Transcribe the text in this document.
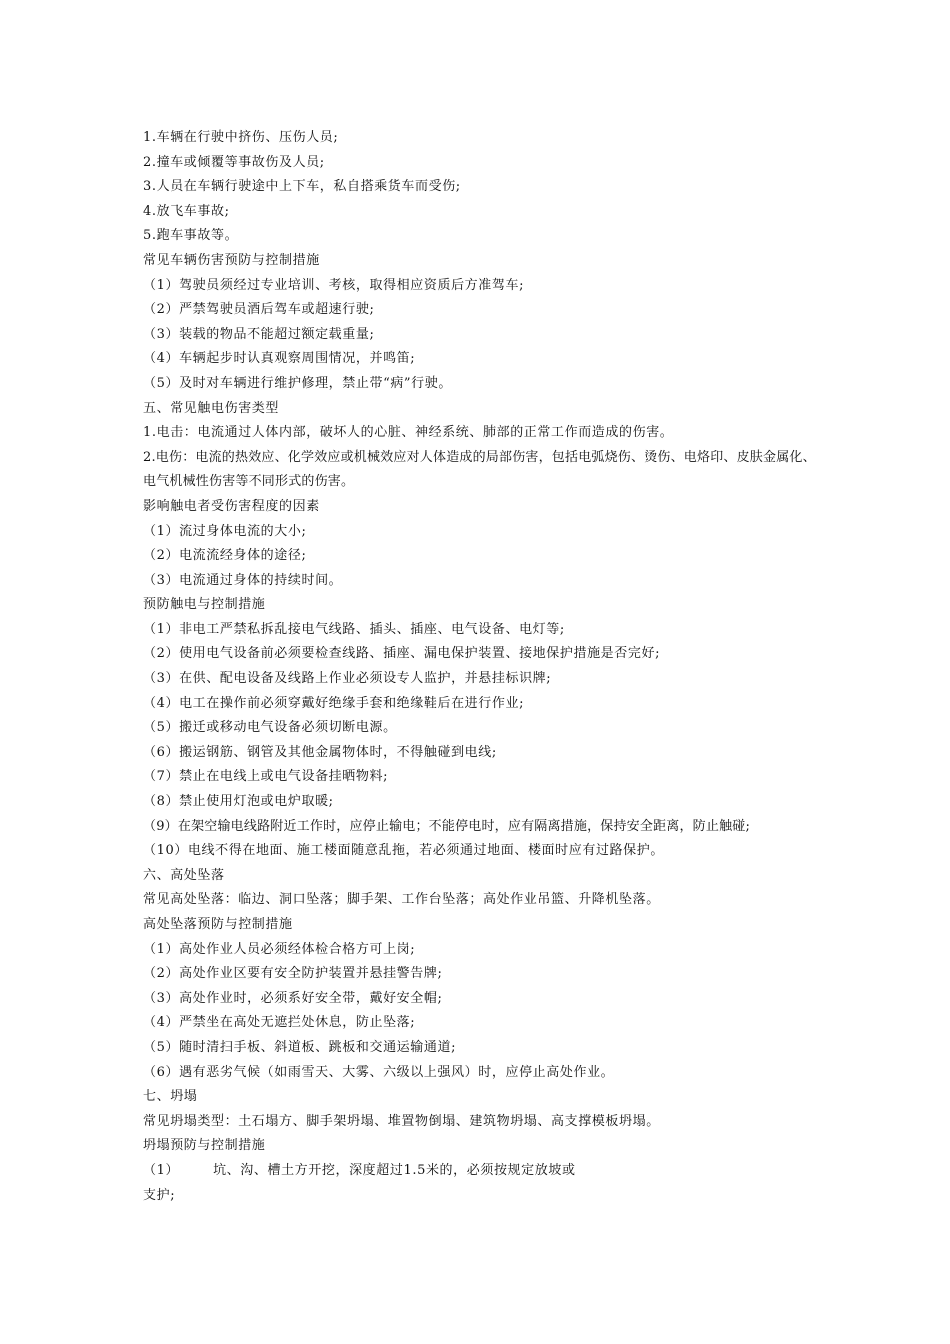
1.车辆在行驶中挤伤、压伤人员;
2.撞车或倾覆等事故伤及人员;
3.人员在车辆行驶途中上下车，私自搭乘货车而受伤;
4.放飞车事故;
5.跑车事故等。
常见车辆伤害预防与控制措施
（1）驾驶员须经过专业培训、考核，取得相应资质后方准驾车;
（2）严禁驾驶员酒后驾车或超速行驶;
（3）装载的物品不能超过额定载重量;
（4）车辆起步时认真观察周围情况，并鸣笛;
（5）及时对车辆进行维护修理，禁止带“病”行驶。
五、常见触电伤害类型
1.电击：电流通过人体内部，破坏人的心脏、神经系统、肺部的正常工作而造成的伤害。
2.电伤：电流的热效应、化学效应或机械效应对人体造成的局部伤害，包括电弧烧伤、烫伤、电烙印、皮肤金属化、电气机械性伤害等不同形式的伤害。
影响触电者受伤害程度的因素
（1）流过身体电流的大小;
（2）电流流经身体的途径;
（3）电流通过身体的持续时间。
预防触电与控制措施
（1）非电工严禁私拆乱接电气线路、插头、插座、电气设备、电灯等;
（2）使用电气设备前必须要检查线路、插座、漏电保护装置、接地保护措施是否完好;
（3）在供、配电设备及线路上作业必须设专人监护，并悬挂标识牌;
（4）电工在操作前必须穿戴好绝缘手套和绝缘鞋后在进行作业;
（5）搬迁或移动电气设备必须切断电源。
（6）搬运钢筋、钢管及其他金属物体时，不得触碰到电线;
（7）禁止在电线上或电气设备挂晒物料;
（8）禁止使用灯泡或电炉取暖;
（9）在架空输电线路附近工作时，应停止输电；不能停电时，应有隔离措施，保持安全距离，防止触碰;
（10）电线不得在地面、施工楼面随意乱拖，若必须通过地面、楼面时应有过路保护。
六、高处坠落
常见高处坠落：临边、洞口坠落；脚手架、工作台坠落；高处作业吊篮、升降机坠落。
高处坠落预防与控制措施
（1）高处作业人员必须经体检合格方可上岗;
（2）高处作业区要有安全防护装置并悬挂警告牌;
（3）高处作业时，必须系好安全带，戴好安全帽;
（4）严禁坐在高处无遮拦处休息，防止坠落;
（5）随时清扫手板、斜道板、跳板和交通运输通道;
（6）遇有恶劣气候（如雨雪天、大雾、六级以上强风）时，应停止高处作业。
七、坍塌
常见坍塌类型：土石塌方、脚手架坍塌、堆置物倒塌、建筑物坍塌、高支撑模板坍塌。
坍塌预防与控制措施
（1）	坑、沟、槽土方开挖，深度超过1.5米的，必须按规定放坡或
支护;
